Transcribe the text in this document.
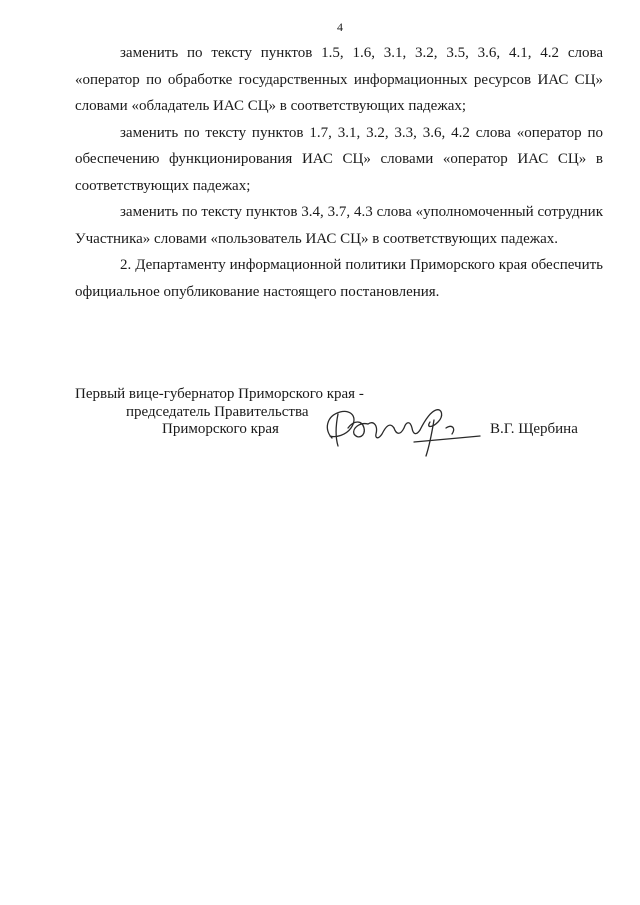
4

заменить по тексту пунктов 1.5, 1.6, 3.1, 3.2, 3.5, 3.6, 4.1, 4.2 слова «оператор по обработке государственных информационных ресурсов ИАС СЦ» словами «обладатель ИАС СЦ» в соответствующих падежах;

заменить по тексту пунктов 1.7, 3.1, 3.2, 3.3, 3.6, 4.2 слова «оператор по обеспечению функционирования ИАС СЦ» словами «оператор ИАС СЦ» в соответствующих падежах;

заменить по тексту пунктов 3.4, 3.7, 4.3 слова «уполномоченный сотрудник Участника» словами «пользователь ИАС СЦ» в соответствующих падежах.

2. Департаменту информационной политики Приморского края обеспечить официальное опубликование настоящего постановления.

Первый вице-губернатор Приморского края -
председатель Правительства
Приморского края	В.Г. Щербина
